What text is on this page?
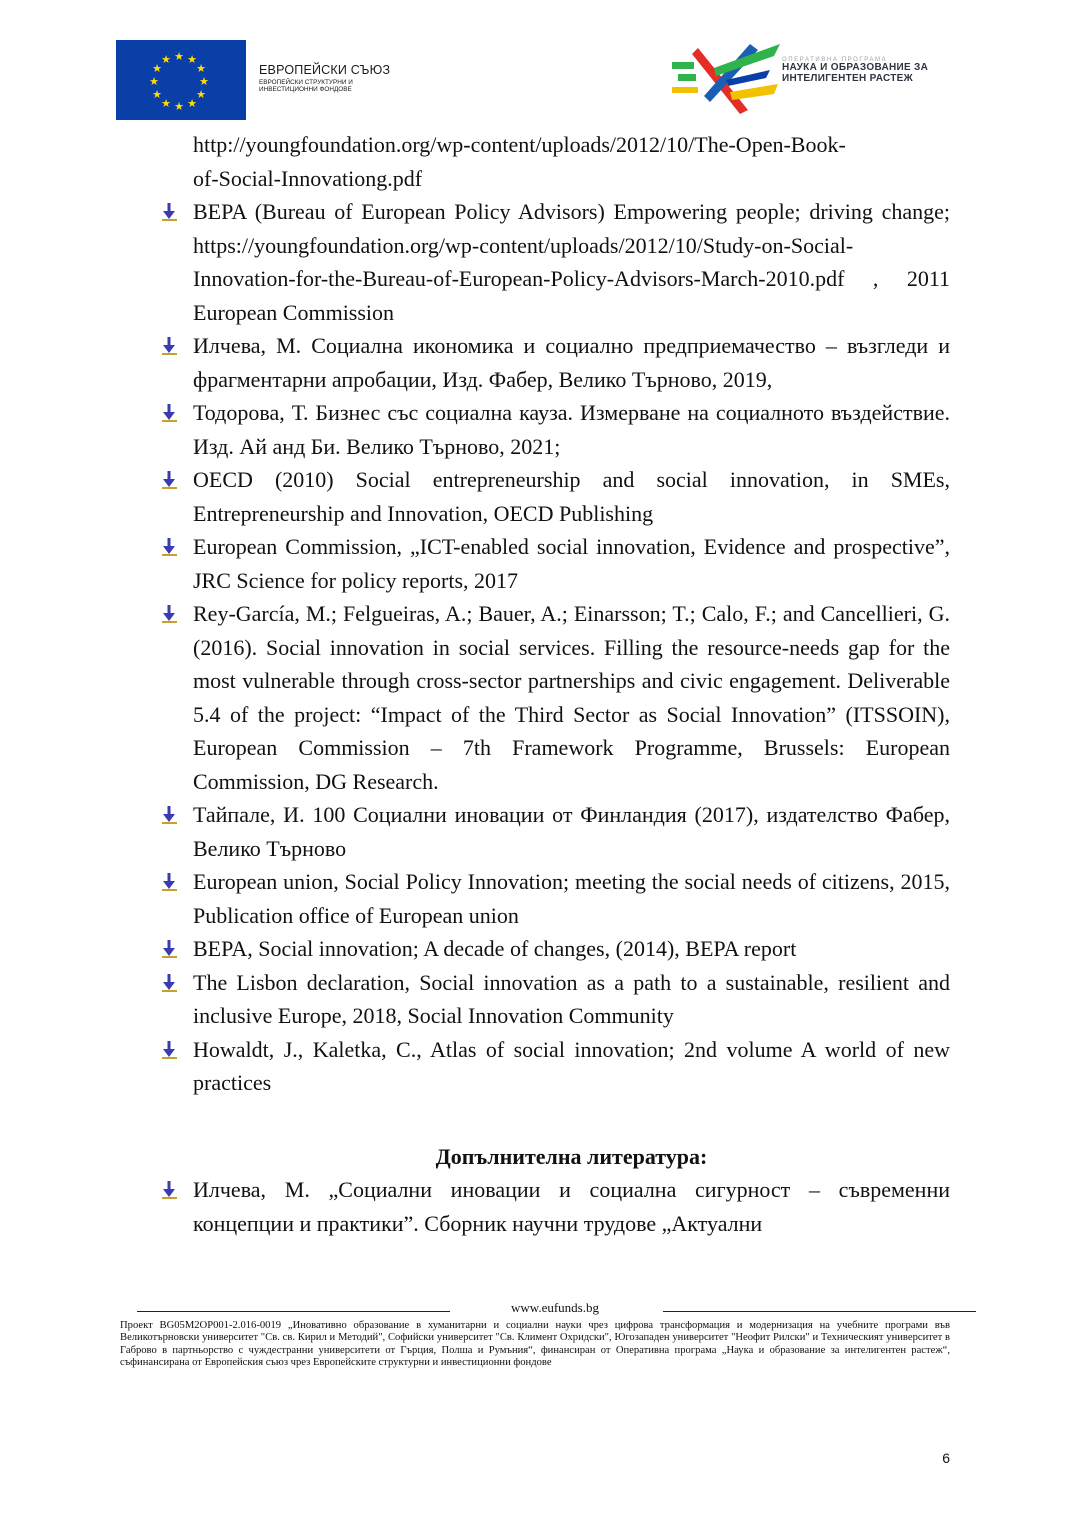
★ ★
★
★
★
★
★
★
★
★
★
★
ЕВРОПЕЙСКИ СЪЮЗ
ЕВРОПЕЙСКИ СТРУКТУРНИ И
ИНВЕСТИЦИОННИ ФОНДОВЕ
ОПЕРАТИВНА ПРОГРАМА
НАУКА И ОБРАЗОВАНИЕ ЗА
ИНТЕЛИГЕНТЕН РАСТЕЖ
http://youngfoundation.org/wp-content/uploads/2012/10/The-Open-Book-
of-Social-Innovationg.pdf
BEPA (Bureau of European Policy Advisors) Empowering people; driving change; https://youngfoundation.org/wp-content/uploads/2012/10/Study-on-Social-Innovation-for-the-Bureau-of-European-Policy-Advisors-March-2010.pdf , 2011 European Commission
Илчева, М. Социална икономика и социално предприемачество – възгледи и фрагментарни апробации, Изд. Фабер, Велико Търново, 2019,
Тодорова, Т. Бизнес със социална кауза. Измерване на социалното въздействие. Изд. Ай анд Би. Велико Търново, 2021;
OECD (2010) Social entrepreneurship and social innovation, in SMEs, Entrepreneurship and Innovation, OECD Publishing
European Commission, „ICT-enabled social innovation, Evidence and prospective”, JRC Science for policy reports, 2017
Rey-García, M.; Felgueiras, A.; Bauer, A.; Einarsson; T.; Calo, F.; and Cancellieri, G. (2016). Social innovation in social services. Filling the resource-needs gap for the most vulnerable through cross-sector partnerships and civic engagement. Deliverable 5.4 of the project: “Impact of the Third Sector as Social Innovation” (ITSSOIN), European Commission – 7th Framework Programme, Brussels: European Commission, DG Research.
Тайпале, И. 100 Социални иновации от Финландия (2017), издателство Фабер, Велико Търново
European union, Social Policy Innovation; meeting the social needs of citizens, 2015, Publication office of European union
BEPA, Social innovation; A decade of changes, (2014), BEPA report
The Lisbon declaration, Social innovation as a path to a sustainable, resilient and inclusive Europe, 2018, Social Innovation Community
Howaldt, J., Kaletka, C., Atlas of social innovation; 2nd volume A world of new practices
Допълнителна литература:
Илчева, М. „Социални иновации и социална сигурност – съвременни концепции и практики”. Сборник научни трудове „Актуални
www.eufunds.bg
Проект BG05M2OP001-2.016-0019 „Иновативно образование в хуманитарни и социални науки чрез цифрова трансформация и модернизация на учебните програми във Великотърновски университет "Св. св. Кирил и Методий", Софийски университет "Св. Климент Охридски", Югозападен университет "Неофит Рилски" и Техническият университет в Габрово в партньорство с чуждестранни университети от Гърция, Полша и Румъния“, финансиран от Оперативна програма „Наука и образование за интелигентен растеж“, съфинансирана от Европейския съюз чрез Европейските структурни и инвестиционни фондове
6
